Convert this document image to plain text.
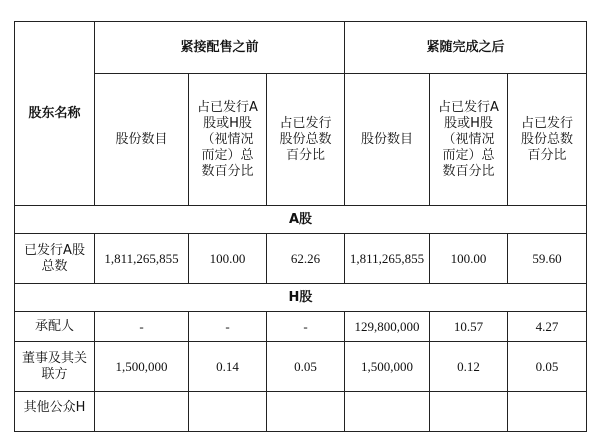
股东名称	紧接配售之前			紧随完成之后		
	股份数目	占已发行A
股或H股
（视情况
而定）总
数百分比	占已发行
股份总数
百分比	股份数目	占已发行A
股或H股
（视情况
而定）总
数百分比	占已发行
股份总数
百分比
A股						
已发行A股
总数	1,811,265,855	100.00	62.26	1,811,265,855	100.00	59.60
H股						
承配人	-	-	-	129,800,000	10.57	4.27
董事及其关
联方	1,500,000	0.14	0.05	1,500,000	0.12	0.05
其他公众H						
